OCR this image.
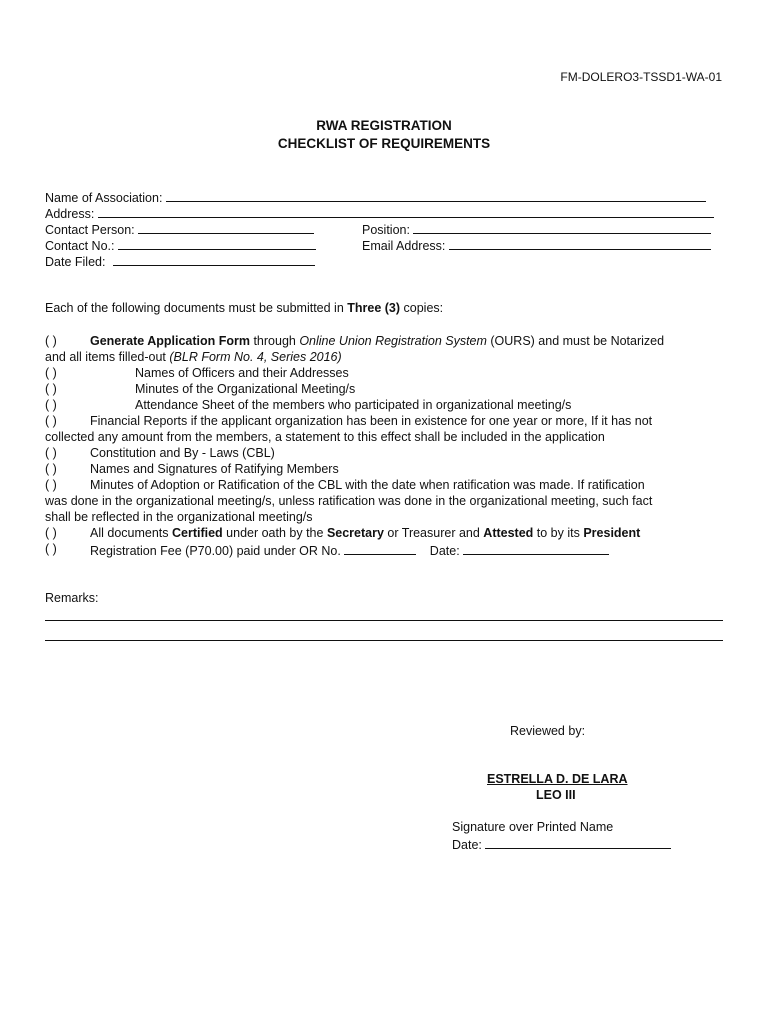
FM-DOLERO3-TSSD1-WA-01
RWA REGISTRATION
CHECKLIST OF REQUIREMENTS
Name of Association:
Address:
Contact Person:	Position:
Contact No.:	Email Address:
Date Filed:
Each of the following documents must be submitted in Three (3) copies:
( )	Generate Application Form through Online Union Registration System (OURS) and must be Notarized
and all items filled-out (BLR Form No. 4, Series 2016)
( )	Names of Officers and their Addresses
( )	Minutes of the Organizational Meeting/s
( )	Attendance Sheet of the members who participated in organizational meeting/s
( )	Financial Reports if the applicant organization has been in existence for one year or more, If it has not
collected any amount from the members, a statement to this effect shall be included in the application
( )	Constitution and By - Laws (CBL)
( )	Names and Signatures of Ratifying Members
( )	Minutes of Adoption or Ratification of the CBL with the date when ratification was made. If ratification
was done in the organizational meeting/s, unless ratification was done in the organizational meeting, such fact
shall be reflected in the organizational meeting/s
( )	All documents Certified under oath by the Secretary or Treasurer and Attested to by its President
( )	Registration Fee (P70.00) paid under OR No.	Date:
Remarks:
Reviewed by:
ESTRELLA D. DE LARA
LEO III
Signature over Printed Name
Date:
